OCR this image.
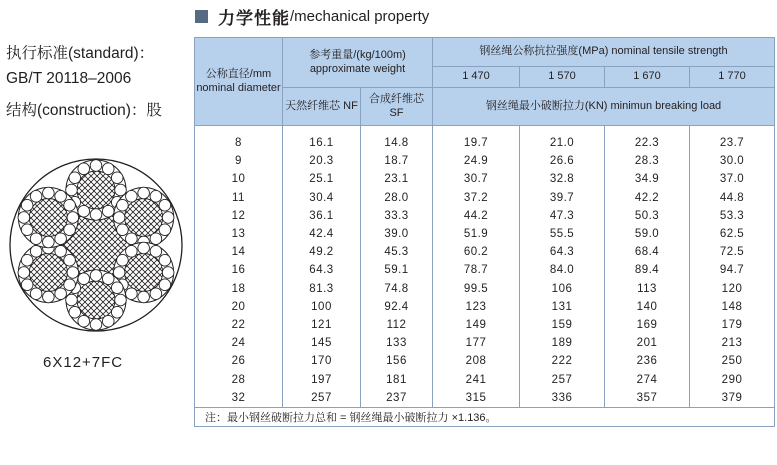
力学性能 /mechanical property
执行标准(standard)：
GB/T 20118–2006
结构(construction)：股
6X12+7FC
公称直径/mm nominal diameter	参考重量/(kg/100m) approximate weight		钢丝绳公称抗拉强度(MPa) nominal tensile strength			
			1 470	1 570	1 670	1 770
	天然纤维芯 NF	合成纤维芯 SF	钢丝绳最小破断拉力(KN) minimun breaking load			

8	16.1	14.8	19.7	21.0	22.3	23.7
9	20.3	18.7	24.9	26.6	28.3	30.0
10	25.1	23.1	30.7	32.8	34.9	37.0
11	30.4	28.0	37.2	39.7	42.2	44.8
12	36.1	33.3	44.2	47.3	50.3	53.3
13	42.4	39.0	51.9	55.5	59.0	62.5
14	49.2	45.3	60.2	64.3	68.4	72.5
16	64.3	59.1	78.7	84.0	89.4	94.7
18	81.3	74.8	99.5	106	113	120
20	100	92.4	123	131	140	148
22	121	112	149	159	169	179
24	145	133	177	189	201	213
26	170	156	208	222	236	250
28	197	181	241	257	274	290
32	257	237	315	336	357	379
注：最小钢丝破断拉力总和 = 钢丝绳最小破断拉力 ×1.136。						
